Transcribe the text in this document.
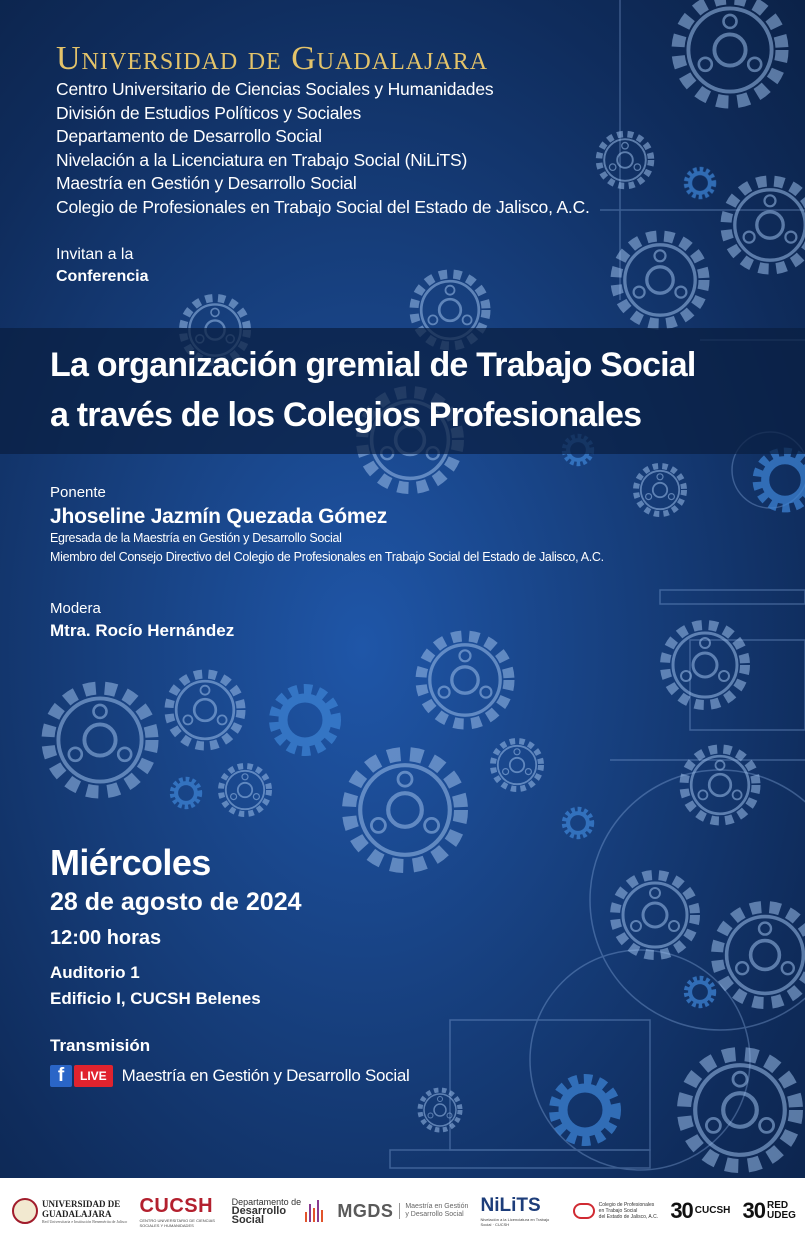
Universidad de Guadalajara
Centro Universitario de Ciencias Sociales y Humanidades
División de Estudios Políticos y Sociales
Departamento de Desarrollo Social
Nivelación a la Licenciatura en Trabajo Social (NiLiTS)
Maestría en Gestión y Desarrollo Social
Colegio de Profesionales en Trabajo Social del Estado de Jalisco, A.C.
Invitan a la
Conferencia
La organización gremial de Trabajo Social
a través de los Colegios Profesionales
Ponente
Jhoseline Jazmín Quezada Gómez
Egresada de la Maestría en Gestión y Desarrollo Social
Miembro del Consejo Directivo del Colegio de Profesionales en Trabajo Social del Estado de Jalisco, A.C.
Modera
Mtra. Rocío Hernández
Miércoles
28 de agosto de 2024
12:00 horas
Auditorio 1
Edificio I, CUCSH Belenes
Transmisión
f	LIVE Maestría en Gestión y Desarrollo Social
UNIVERSIDAD DE
GUADALAJARA
Red Universitaria e Institución Benemérita de Jalisco
CUCSH
CENTRO UNIVERSITARIO DE CIENCIAS SOCIALES Y HUMANIDADES
Departamento de
Desarrollo
Social	MGDS Maestría en Gestión
y Desarrollo Social NiLiTS
Nivelación a la Licenciatura en Trabajo Social · CUCSH
Colegio de Profesionales
en Trabajo Social
del Estado de Jalisco, A.C. 30 CUCSH 30 RED UDEG
